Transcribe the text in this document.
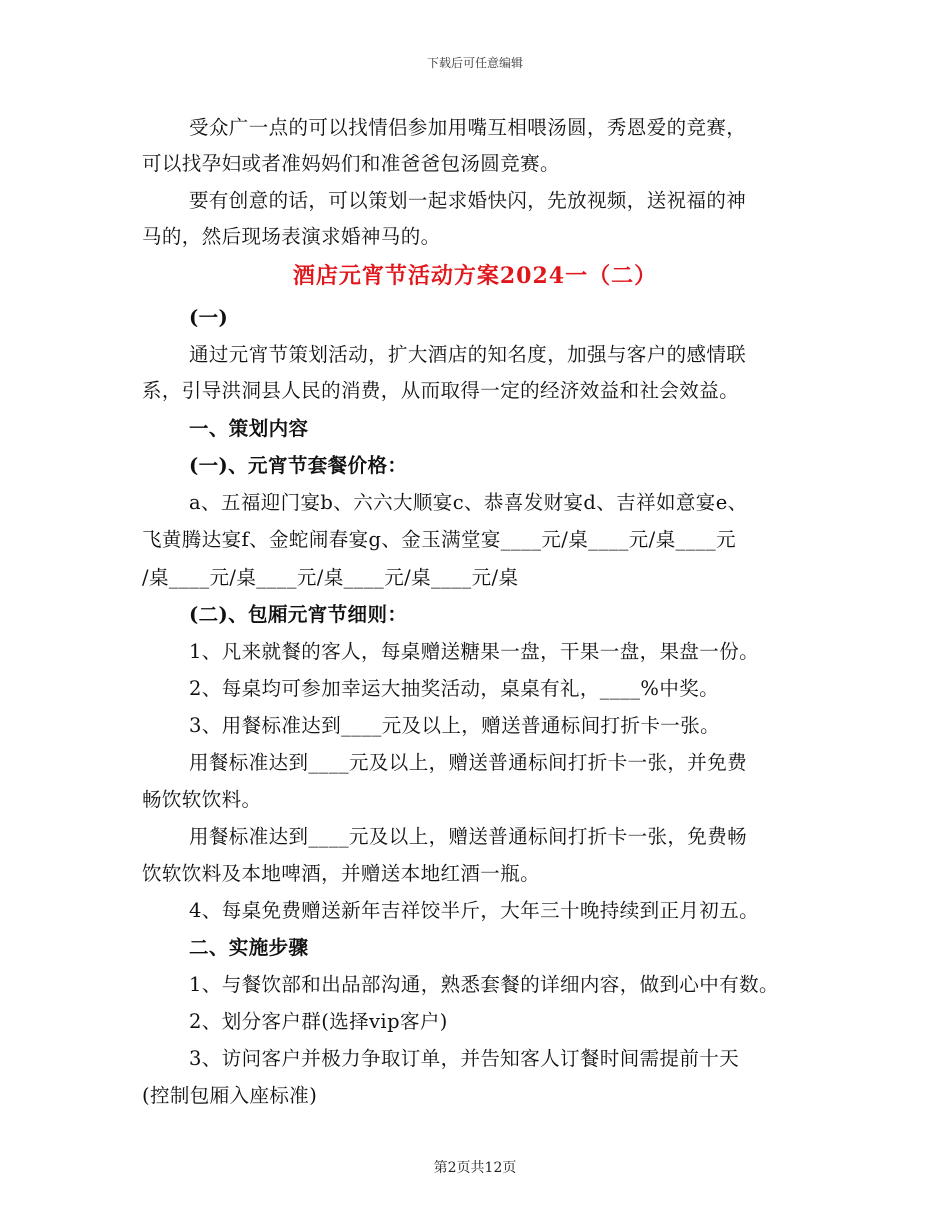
下载后可任意编辑
受众广一点的可以找情侣参加用嘴互相喂汤圆，秀恩爱的竞赛，
可以找孕妇或者准妈妈们和准爸爸包汤圆竞赛。
要有创意的话，可以策划一起求婚快闪，先放视频，送祝福的神
马的，然后现场表演求婚神马的。
酒店元宵节活动方案2024一（二）
(一)
通过元宵节策划活动，扩大酒店的知名度，加强与客户的感情联
系，引导洪洞县人民的消费，从而取得一定的经济效益和社会效益。
一、策划内容
(一)、元宵节套餐价格：
a、五福迎门宴b、六六大顺宴c、恭喜发财宴d、吉祥如意宴e、
飞黄腾达宴f、金蛇闹春宴g、金玉满堂宴____元/桌____元/桌____元
/桌____元/桌____元/桌____元/桌____元/桌
(二)、包厢元宵节细则：
1、凡来就餐的客人，每桌赠送糖果一盘，干果一盘，果盘一份。
2、每桌均可参加幸运大抽奖活动，桌桌有礼，____%中奖。
3、用餐标准达到____元及以上，赠送普通标间打折卡一张。
用餐标准达到____元及以上，赠送普通标间打折卡一张，并免费
畅饮软饮料。
用餐标准达到____元及以上，赠送普通标间打折卡一张，免费畅
饮软饮料及本地啤酒，并赠送本地红酒一瓶。
4、每桌免费赠送新年吉祥饺半斤，大年三十晚持续到正月初五。
二、实施步骤
1、与餐饮部和出品部沟通，熟悉套餐的详细内容，做到心中有数。
2、划分客户群(选择vip客户)
3、访问客户并极力争取订单，并告知客人订餐时间需提前十天
(控制包厢入座标准)
第2页共12页
